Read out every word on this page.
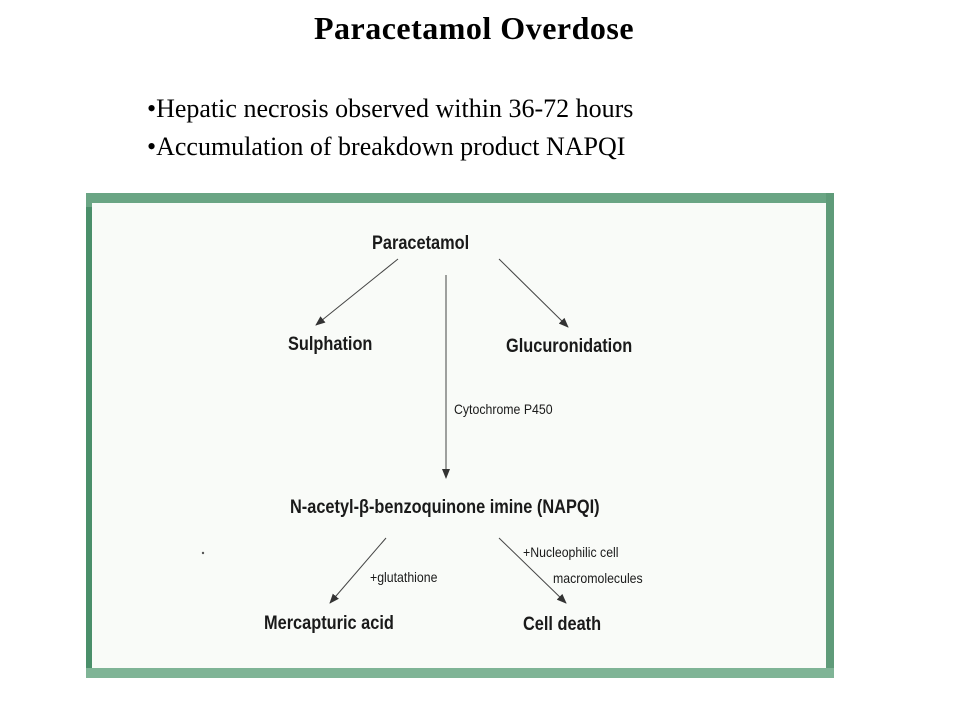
Paracetamol Overdose
•Hepatic necrosis observed within 36-72 hours
•Accumulation of breakdown product NAPQI
Paracetamol
Sulphation	Glucuronidation
Cytochrome P450
N-acetyl-β-benzoquinone imine (NAPQI)
+Nucleophilic cell
macromolecules
+glutathione
Mercapturic acid	Cell death
